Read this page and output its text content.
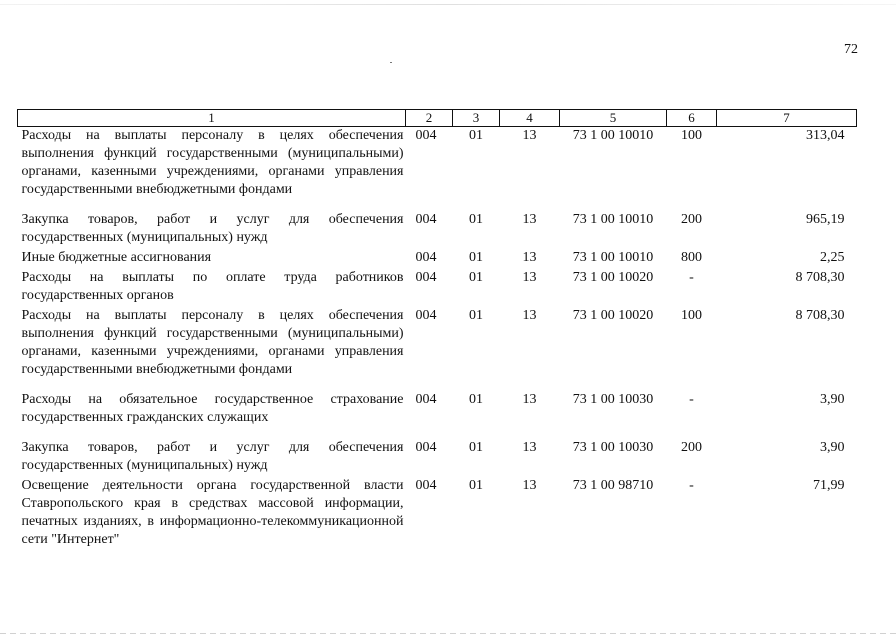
72
1	2	3	4	5	6	7
Расходы на выплаты персоналу в целях обеспечения выполнения функций государственными (муниципальными) органами, казенными учреждениями, органами управления государственными внебюджетными фондами	004	01	13	73 1 00 10010	100	313,04
Закупка товаров, работ и услуг для обеспечения государственных (муниципальных) нужд	004	01	13	73 1 00 10010	200	965,19
Иные бюджетные ассигнования	004	01	13	73 1 00 10010	800	2,25
Расходы на выплаты по оплате труда работников государственных органов	004	01	13	73 1 00 10020	-	8 708,30
Расходы на выплаты персоналу в целях обеспечения выполнения функций государственными (муниципальными) органами, казенными учреждениями, органами управления государственными внебюджетными фондами	004	01	13	73 1 00 10020	100	8 708,30
Расходы на обязательное государственное страхование государственных гражданских служащих	004	01	13	73 1 00 10030	-	3,90
Закупка товаров, работ и услуг для обеспечения государственных (муниципальных) нужд	004	01	13	73 1 00 10030	200	3,90
Освещение деятельности органа государственной власти Ставропольского края в средствах массовой информации, печатных изданиях, в информационно-телекоммуникационной сети "Интернет"	004	01	13	73 1 00 98710	-	71,99
